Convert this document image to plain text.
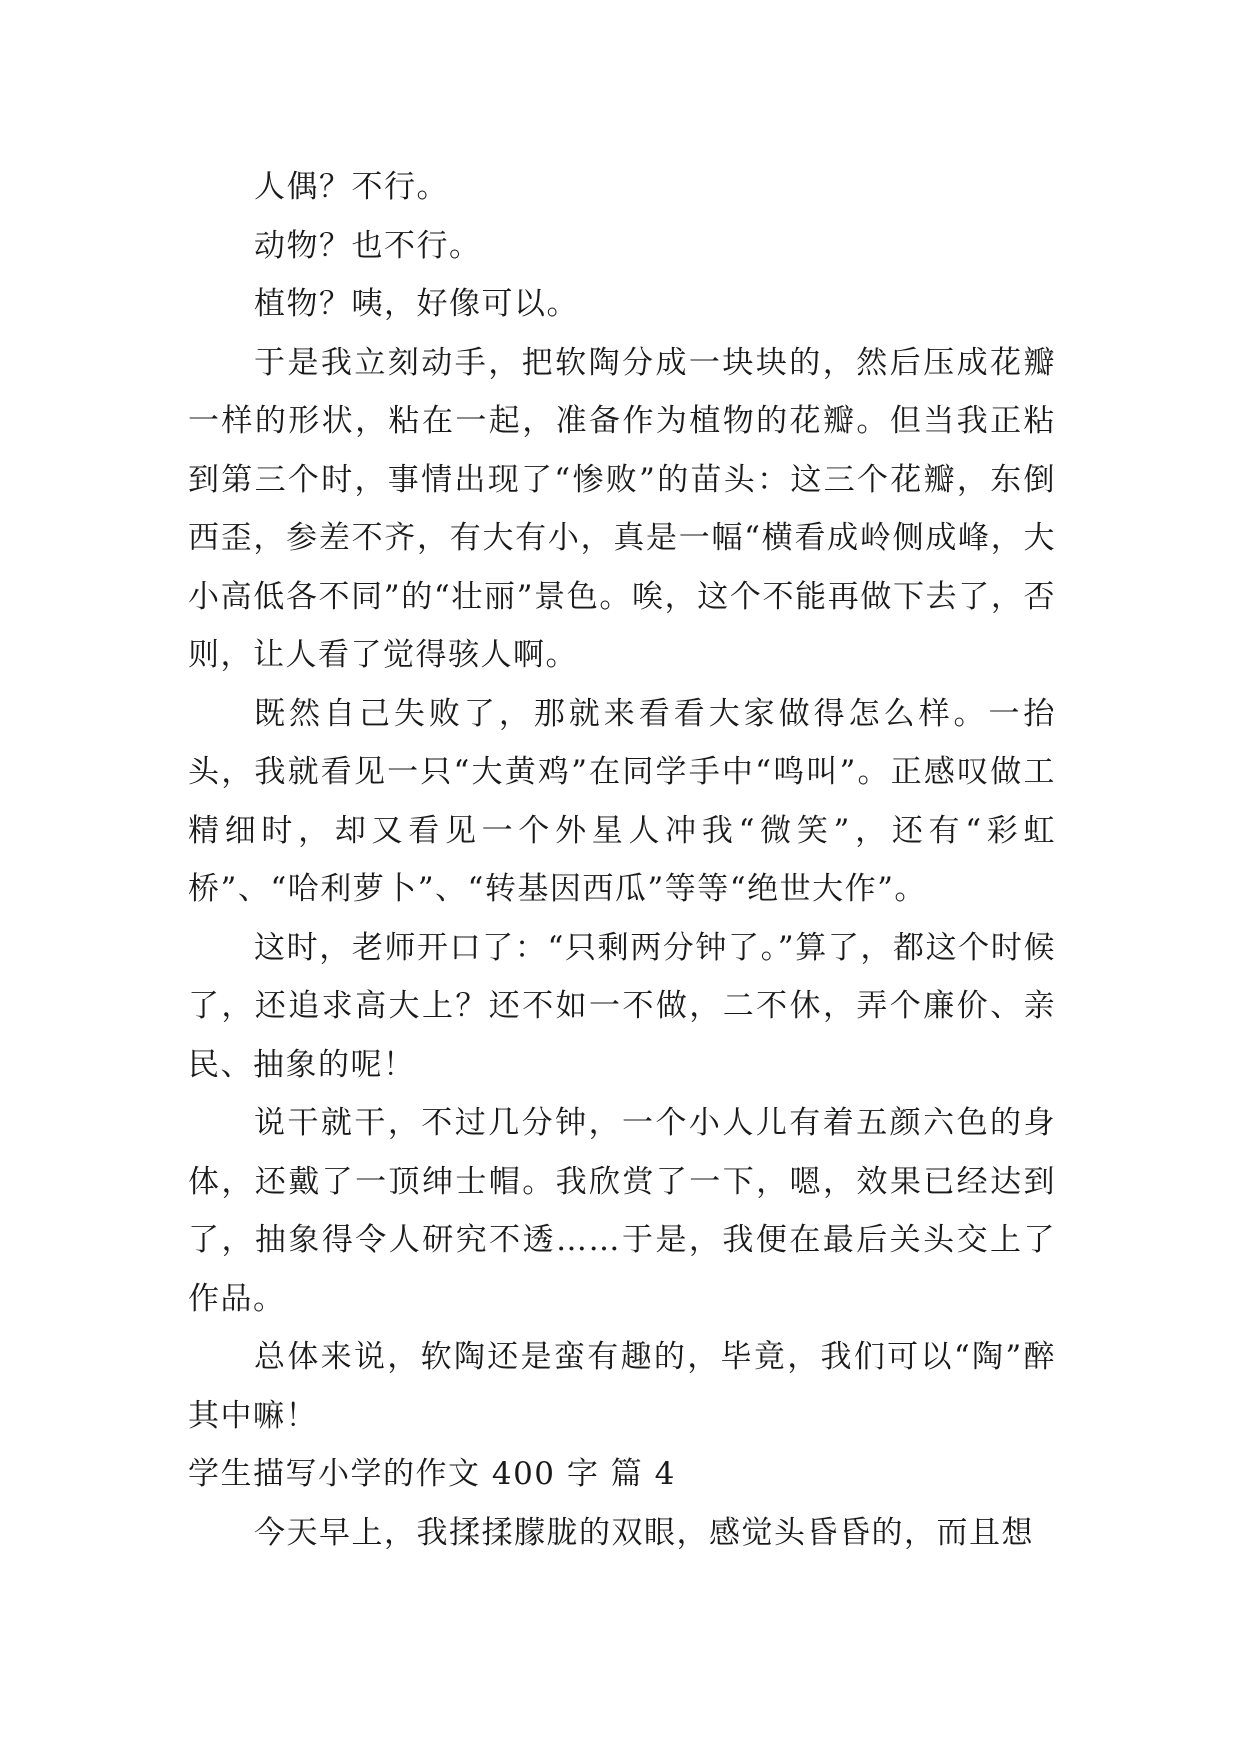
人偶？不行。

动物？也不行。

植物？咦，好像可以。

于是我立刻动手，把软陶分成一块块的，然后压成花瓣一样的形状，粘在一起，准备作为植物的花瓣。但当我正粘到第三个时，事情出现了“惨败”的苗头：这三个花瓣，东倒西歪，参差不齐，有大有小，真是一幅“横看成岭侧成峰，大小高低各不同”的“壮丽”景色。唉，这个不能再做下去了，否则，让人看了觉得骇人啊。

既然自己失败了，那就来看看大家做得怎么样。一抬头，我就看见一只“大黄鸡”在同学手中“鸣叫”。正感叹做工精细时，却又看见一个外星人冲我“微笑”，还有“彩虹桥”、“哈利萝卜”、“转基因西瓜”等等“绝世大作”。

这时，老师开口了：“只剩两分钟了。”算了，都这个时候了，还追求高大上？还不如一不做，二不休，弄个廉价、亲民、抽象的呢！

说干就干，不过几分钟，一个小人儿有着五颜六色的身体，还戴了一顶绅士帽。我欣赏了一下，嗯，效果已经达到了，抽象得令人研究不透……于是，我便在最后关头交上了作品。

总体来说，软陶还是蛮有趣的，毕竟，我们可以“陶”醉其中嘛！

学生描写小学的作文 400 字 篇 4

今天早上，我揉揉朦胧的双眼，感觉头昏昏的，而且想
